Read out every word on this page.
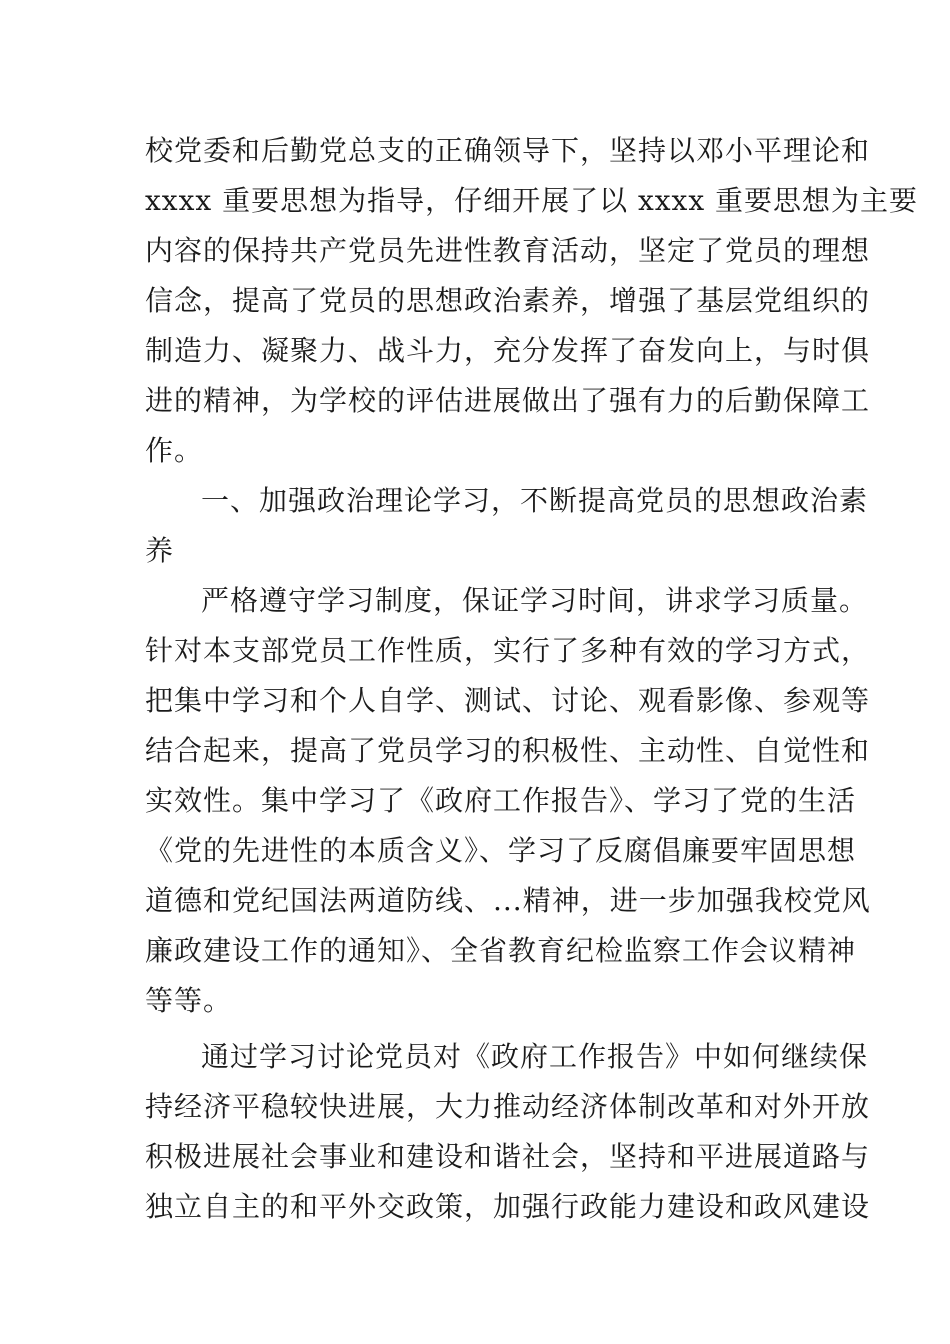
校党委和后勤党总支的正确领导下，坚持以邓小平理论和
xxxx 重要思想为指导，仔细开展了以 xxxx 重要思想为主要
内容的保持共产党员先进性教育活动，坚定了党员的理想
信念，提高了党员的思想政治素养，增强了基层党组织的
制造力、凝聚力、战斗力，充分发挥了奋发向上，与时俱
进的精神，为学校的评估进展做出了强有力的后勤保障工
作。
一、加强政治理论学习，不断提高党员的思想政治素
养
严格遵守学习制度，保证学习时间，讲求学习质量。
针对本支部党员工作性质，实行了多种有效的学习方式，
把集中学习和个人自学、测试、讨论、观看影像、参观等
结合起来，提高了党员学习的积极性、主动性、自觉性和
实效性。集中学习了《政府工作报告》、学习了党的生活
《党的先进性的本质含义》、学习了反腐倡廉要牢固思想
道德和党纪国法两道防线、...精神，进一步加强我校党风
廉政建设工作的通知》、全省教育纪检监察工作会议精神
等等。
通过学习讨论党员对《政府工作报告》中如何继续保
持经济平稳较快进展，大力推动经济体制改革和对外开放
积极进展社会事业和建设和谐社会，坚持和平进展道路与
独立自主的和平外交政策，加强行政能力建设和政风建设
